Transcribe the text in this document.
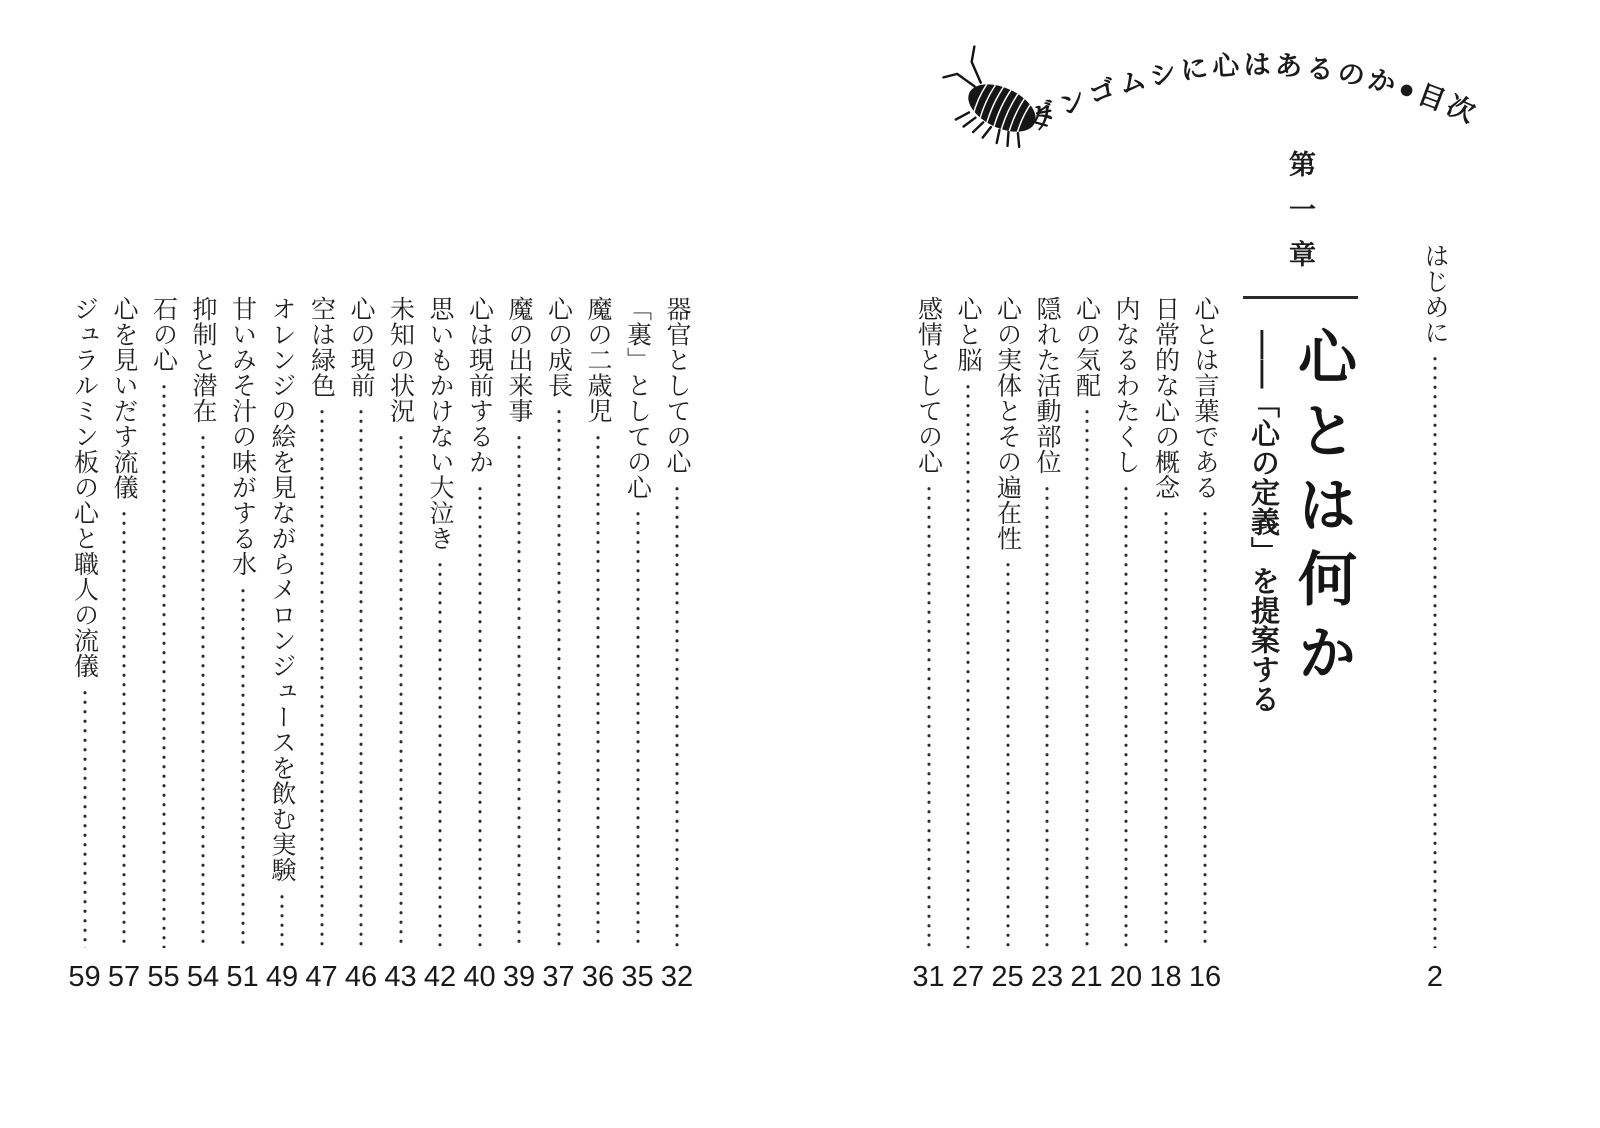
ダンゴムシに心はあるのか●目次
はじめに
2
第一章
心とは何か
——「心の定義」を提案する
心とは言葉である
16
日常的な心の概念
18
内なるわたくし
20
心の気配
21
隠れた活動部位
23
心の実体とその遍在性
25
心と脳
27
感情としての心
31
器官としての心
32
「裏」としての心
35
魔の二歳児
36
心の成長
37
魔の出来事
39
心は現前するか
40
思いもかけない大泣き
42
未知の状況
43
心の現前
46
空は緑色
47
オレンジの絵を見ながらメロンジュースを飲む実験
49
甘いみそ汁の味がする水
51
抑制と潜在
54
石の心
55
心を見いだす流儀
57
ジュラルミン板の心と職人の流儀
59
